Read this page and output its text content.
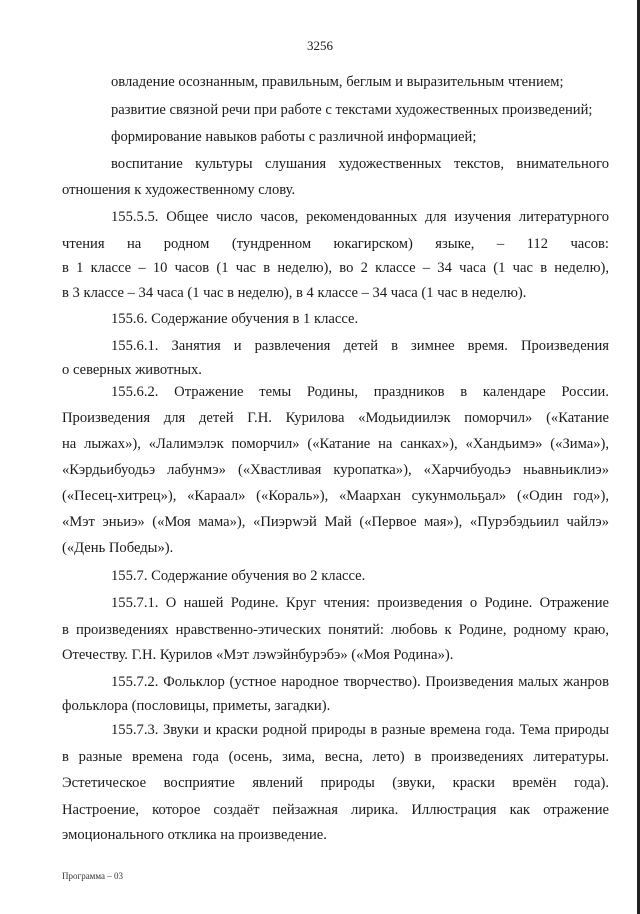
3256

овладение осознанным, правильным, беглым и выразительным чтением;

развитие связной речи при работе с текстами художественных произведений;

формирование навыков работы с различной информацией;

воспитание культуры слушания художественных текстов, внимательного

отношения к художественному слову.

155.5.5. Общее число часов, рекомендованных для изучения литературного

чтения на родном (тундренном юкагирском) языке, – 112 часов:

в 1 классе – 10 часов (1 час в неделю), во 2 классе – 34 часа (1 час в неделю),

в 3 классе – 34 часа (1 час в неделю), в 4 классе – 34 часа (1 час в неделю).

155.6. Содержание обучения в 1 классе.

155.6.1. Занятия и развлечения детей в зимнее время. Произведения

о северных животных.

155.6.2. Отражение темы Родины, праздников в календаре России.

Произведения для детей Г.Н. Курилова «Модьидиилэк поморчил» («Катание

на лыжах»), «Лалимэлэк поморчил» («Катание на санках»), «Хандьимэ» («Зима»),

«Кэрдьибуодьэ лабунмэ» («Хвастливая куропатка»), «Харчибуодьэ ньавньиклиэ»

(«Песец-хитрец»), «Караал» («Кораль»), «Маархан сукунмольҕал» («Один год»),

«Мэт эньиэ» («Моя мама»), «Пиэрwэй Май («Первое мая»), «Пурэбэдьиил чайлэ»

(«День Победы»).

155.7. Содержание обучения во 2 классе.

155.7.1. О нашей Родине. Круг чтения: произведения о Родине. Отражение

в произведениях нравственно-этических понятий: любовь к Родине, родному краю,

Отечеству. Г.Н. Курилов «Мэт лэwэйнбурэбэ» («Моя Родина»).

155.7.2. Фольклор (устное народное творчество). Произведения малых жанров

фольклора (пословицы, приметы, загадки).

155.7.3. Звуки и краски родной природы в разные времена года. Тема природы

в разные времена года (осень, зима, весна, лето) в произведениях литературы.

Эстетическое восприятие явлений природы (звуки, краски времён года).

Настроение, которое создаёт пейзажная лирика. Иллюстрация как отражение

эмоционального отклика на произведение.

Программа – 03
